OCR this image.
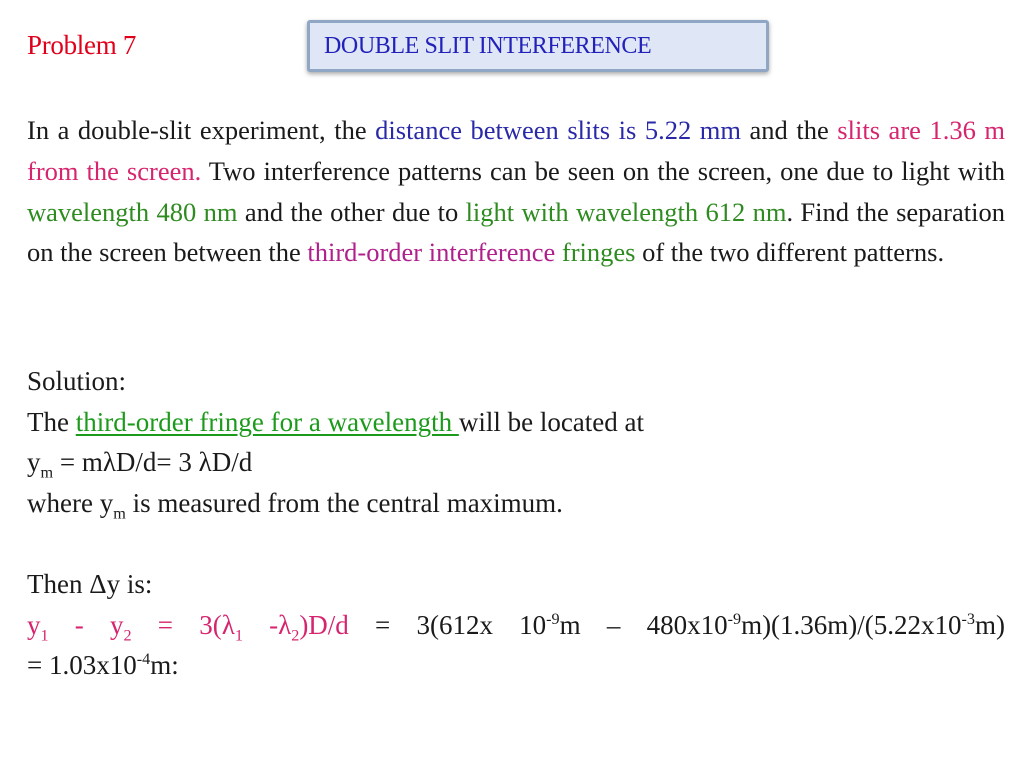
Problem 7	DOUBLE SLIT INTERFERENCE

In a double-slit experiment, the distance between slits is 5.22 mm and the slits are 1.36 m from the screen. Two interference patterns can be seen on the screen, one due to light with wavelength 480 nm and the other due to light with wavelength 612 nm. Find the separation on the screen between the third-order interference fringes of the two different patterns.

Solution:
The third-order fringe for a wavelength will be located at
$y_m = m\lambda D/d= 3$ λD/d
where $y_m$ is measured from the central maximum.
Then Δy is:
$y_1 - y_2 = 3(\lambda_1$ $-\lambda_2)D/d = 3(612x$ $10^{-9}m - 480x10^{-9}m)(1.36m)/(5.22x10^{-3}m)$
= $1.03x10^{-4}m$:
